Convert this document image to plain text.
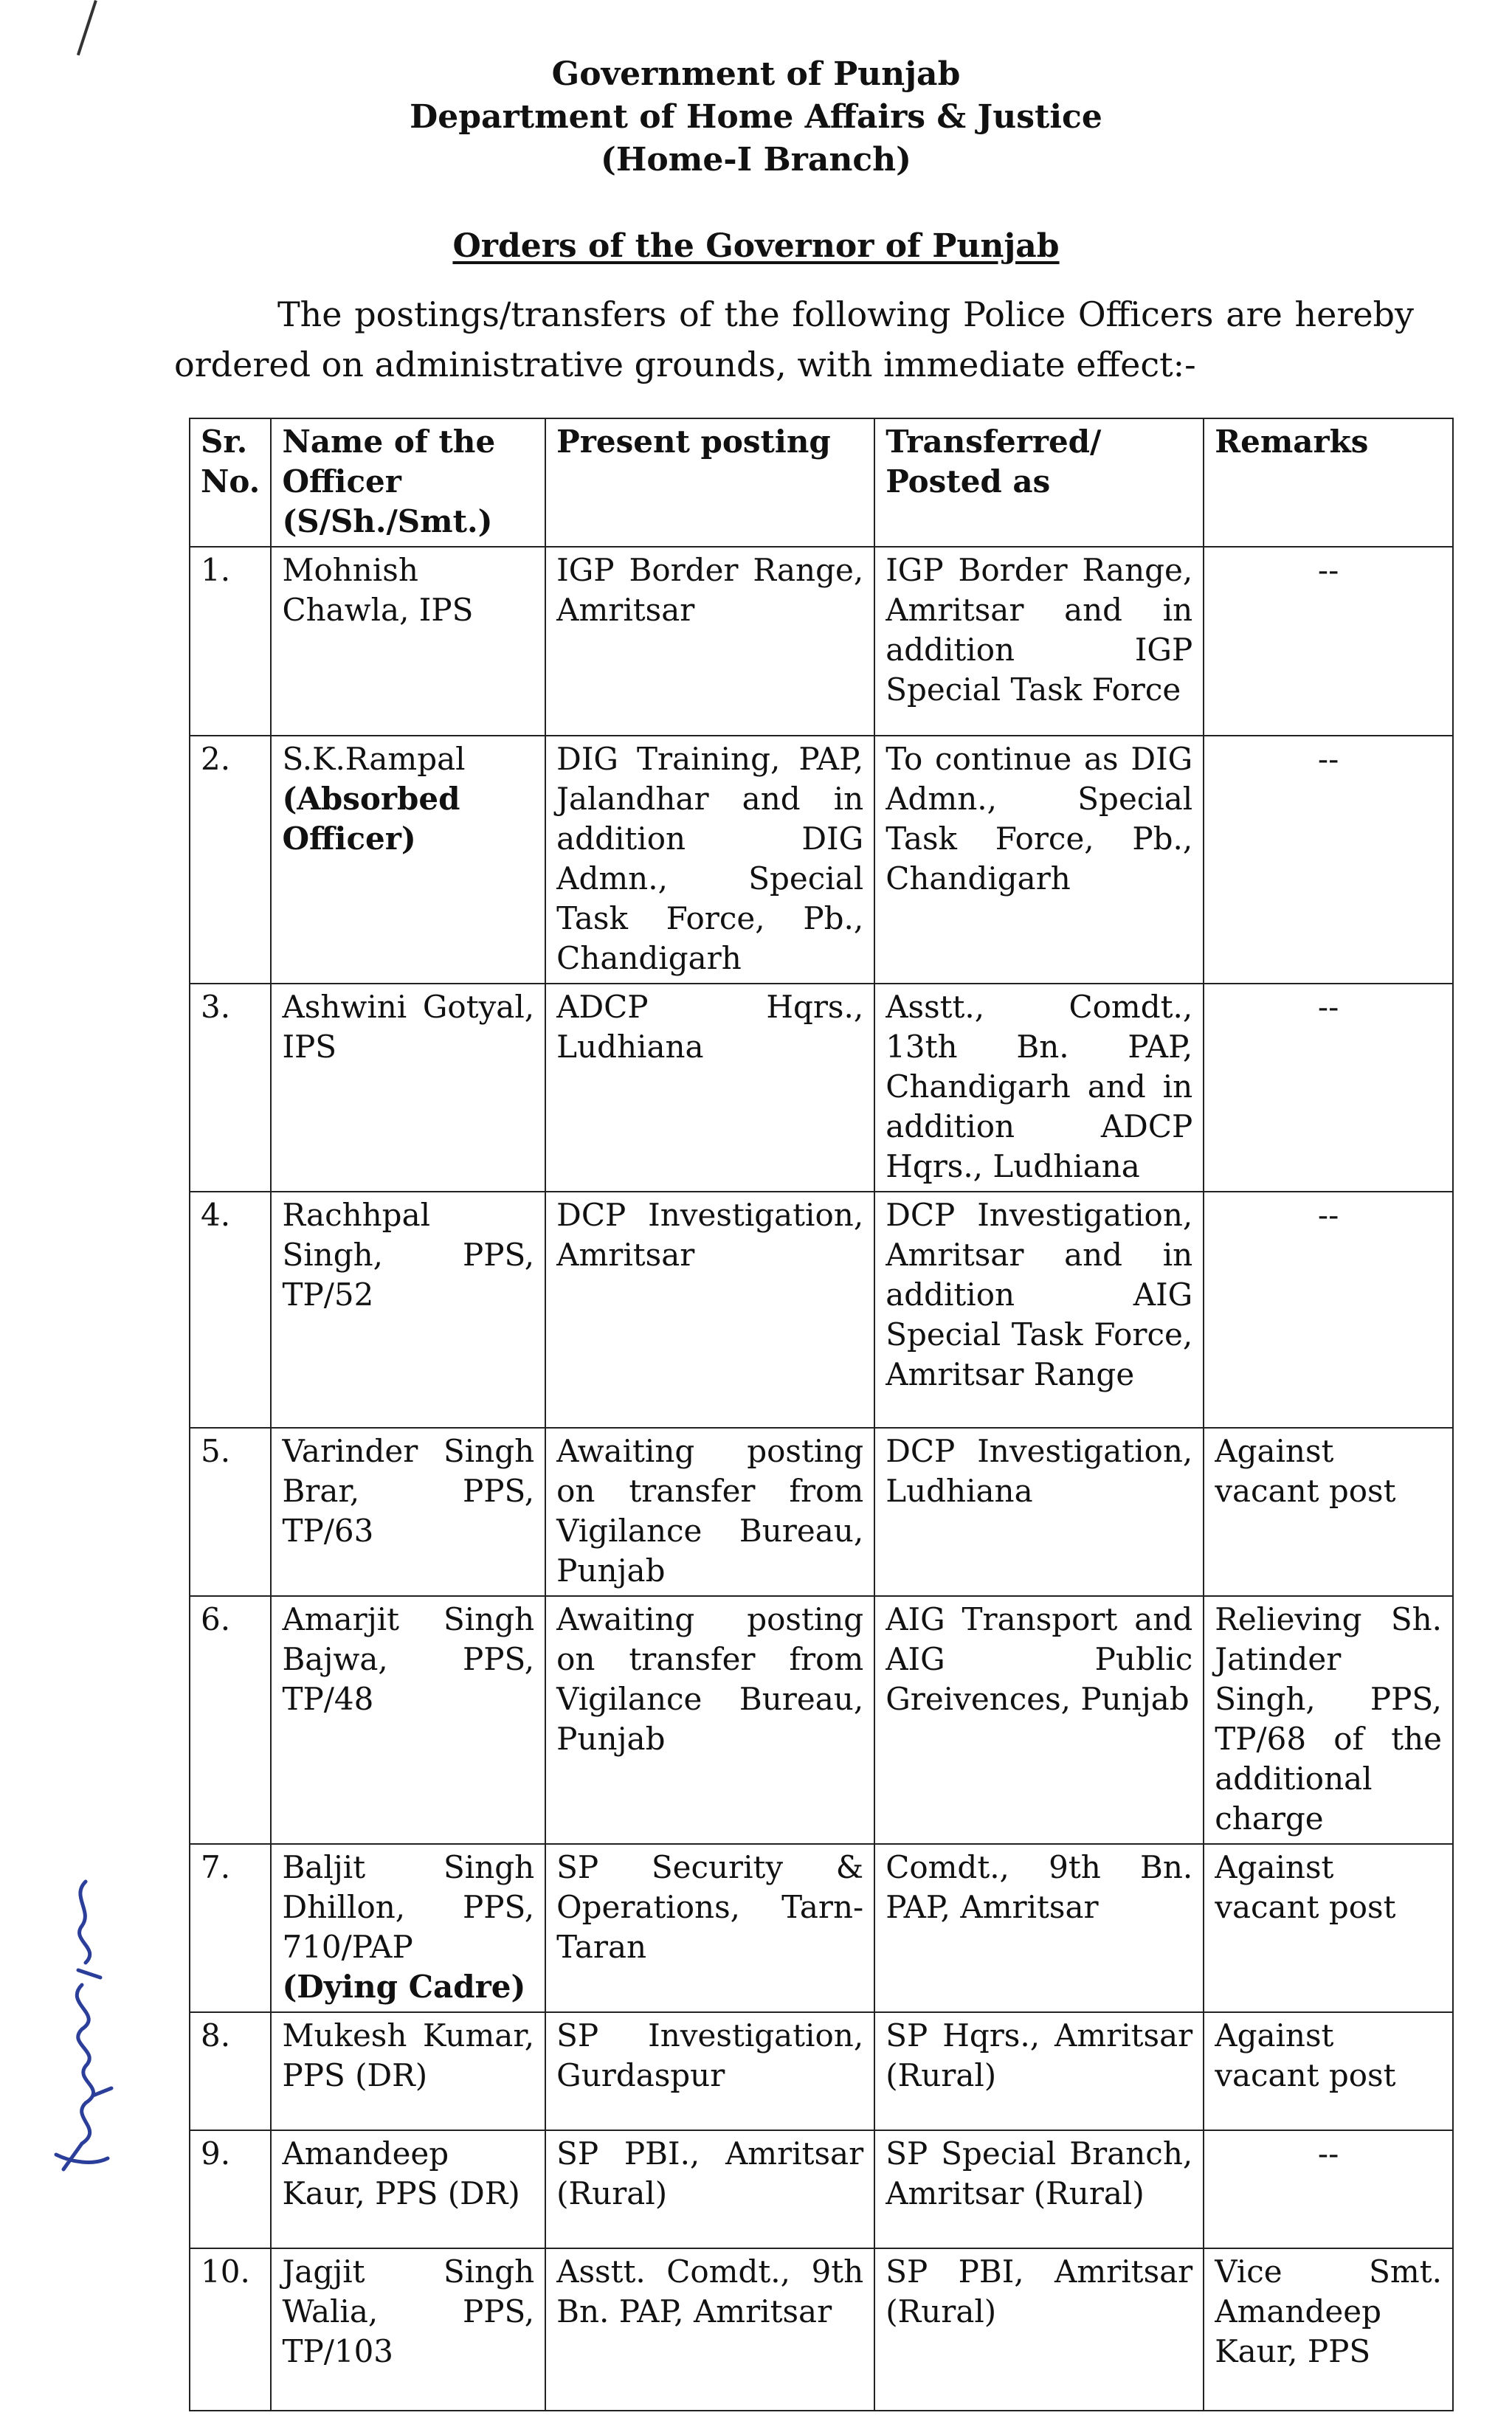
Government of Punjab
Department of Home Affairs & Justice
(Home-I Branch)
Orders of the Governor of Punjab
The postings/transfers of the following Police Officers are hereby ordered on administrative grounds, with immediate effect:-
Sr. No.	Name of the Officer (S/Sh./Smt.)	Present posting	Transferred/ Posted as	Remarks
1.	Mohnish Chawla, IPS	IGP Border Range, Amritsar	IGP Border Range, Amritsar and in addition IGP Special Task Force	--
2.	S.K.Rampal (Absorbed Officer)	DIG Training, PAP, Jalandhar and in addition DIG Admn., Special Task Force, Pb., Chandigarh	To continue as DIG Admn., Special Task Force, Pb., Chandigarh	--
3.	Ashwini Gotyal, IPS	ADCP Hqrs., Ludhiana	Asstt., Comdt., 13th Bn. PAP, Chandigarh and in addition ADCP Hqrs., Ludhiana	--
4.	Rachhpal Singh, PPS, TP/52	DCP Investigation, Amritsar	DCP Investigation, Amritsar and in addition AIG Special Task Force, Amritsar Range	--
5.	Varinder Singh Brar, PPS, TP/63	Awaiting posting on transfer from Vigilance Bureau, Punjab	DCP Investigation, Ludhiana	Against vacant post
6.	Amarjit Singh Bajwa, PPS, TP/48	Awaiting posting on transfer from Vigilance Bureau, Punjab	AIG Transport and AIG Public Greivences, Punjab	Relieving Sh. Jatinder Singh, PPS, TP/68 of the additional charge
7.	Baljit Singh Dhillon, PPS, 710/PAP (Dying Cadre)	SP Security & Operations, Tarn-Taran	Comdt., 9th Bn. PAP, Amritsar	Against vacant post
8.	Mukesh Kumar, PPS (DR)	SP Investigation, Gurdaspur	SP Hqrs., Amritsar (Rural)	Against vacant post
9.	Amandeep Kaur, PPS (DR)	SP PBI., Amritsar (Rural)	SP Special Branch, Amritsar (Rural)	--
10.	Jagjit Singh Walia, PPS, TP/103	Asstt. Comdt., 9th Bn. PAP, Amritsar	SP PBI, Amritsar (Rural)	Vice Smt. Amandeep Kaur, PPS
